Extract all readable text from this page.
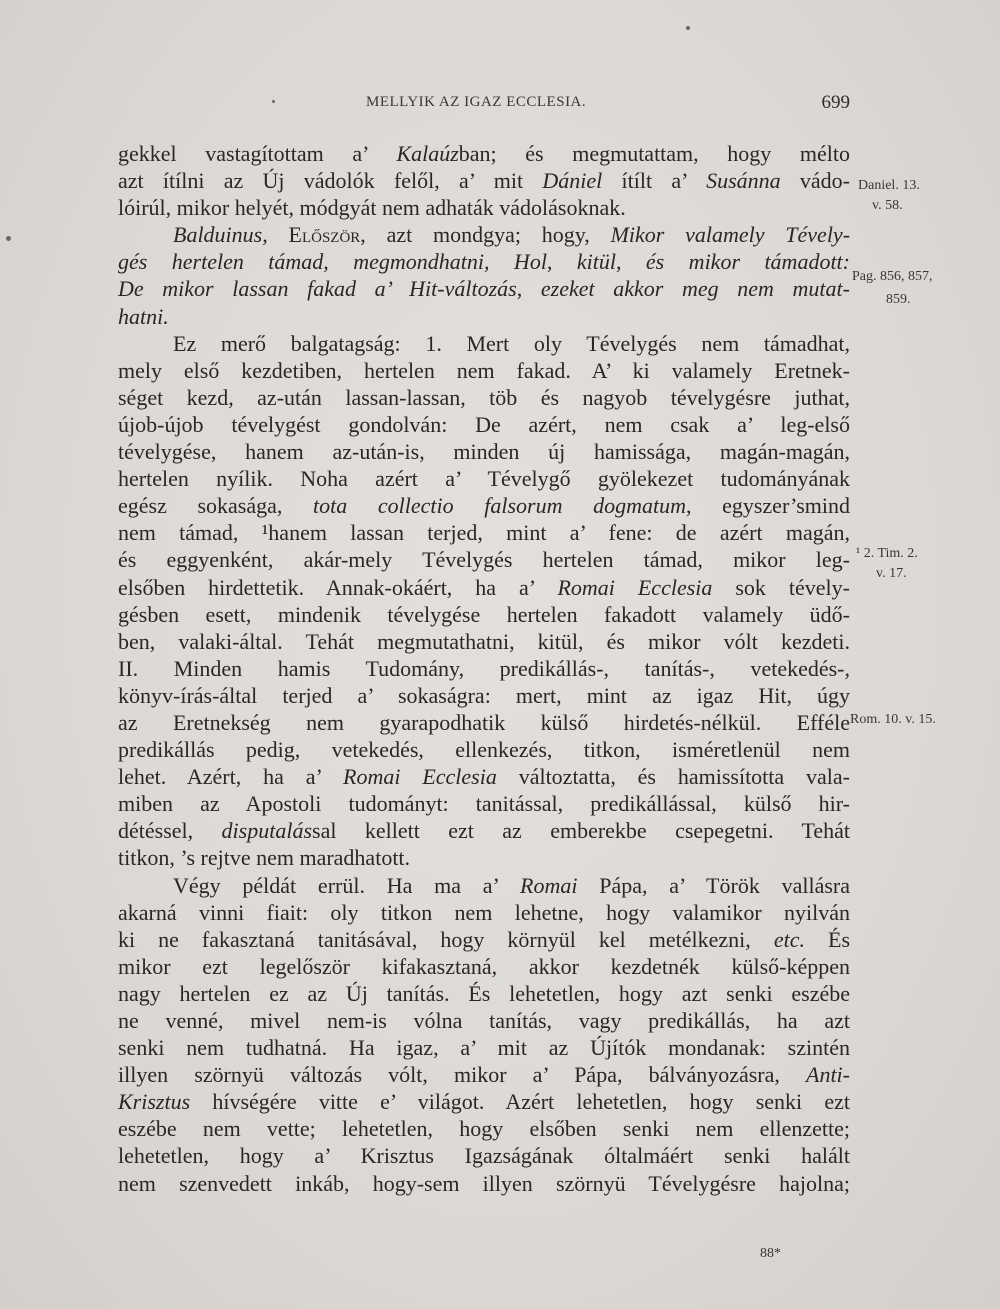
MELLYIK AZ IGAZ ECCLESIA.	699
gekkel vastagítottam a’ Kalaúzban; és megmutattam, hogy mélto
azt ítílni az Új vádolók felől, a’ mit Dániel ítílt a’ Susánna vádo-
lóirúl, mikor helyét, módgyát nem adhaták vádolásoknak.
Balduinus, Először, azt mondgya; hogy, Mikor valamely Tévely-
gés hertelen támad, megmondhatni, Hol, kitül, és mikor támadott:
De mikor lassan fakad a’ Hit-változás, ezeket akkor meg nem mutat-
hatni.
Ez merő balgatagság: 1. Mert oly Tévelygés nem támadhat,
mely első kezdetiben, hertelen nem fakad. A’ ki valamely Eretnek-
séget kezd, az-után lassan-lassan, töb és nagyob tévelygésre juthat,
újob-újob tévelygést gondolván: De azért, nem csak a’ leg-első
tévelygése, hanem az-után-is, minden új hamissága, magán-magán,
hertelen nyílik. Noha azért a’ Tévelygő gyölekezet tudományának
egész sokasága, tota collectio falsorum dogmatum, egyszer’smind
nem támad, ¹hanem lassan terjed, mint a’ fene: de azért magán,
és eggyenként, akár-mely Tévelygés hertelen támad, mikor leg-
elsőben hirdettetik. Annak-okáért, ha a’ Romai Ecclesia sok tévely-
gésben esett, mindenik tévelygése hertelen fakadott valamely üdő-
ben, valaki-által. Tehát megmutathatni, kitül, és mikor vólt kezdeti.
II. Minden hamis Tudomány, predikállás-, tanítás-, vetekedés-,
könyv-írás-által terjed a’ sokaságra: mert, mint az igaz Hit, úgy
az Eretnekség nem gyarapodhatik külső hirdetés-nélkül. Efféle
predikállás pedig, vetekedés, ellenkezés, titkon, isméretlenül nem
lehet. Azért, ha a’ Romai Ecclesia változtatta, és hamissította vala-
miben az Apostoli tudományt: tanitással, predikállással, külső hir-
détéssel, disputalással kellett ezt az emberekbe csepegetni. Tehát
titkon, ’s rejtve nem maradhatott.
Végy példát errül. Ha ma a’ Romai Pápa, a’ Török vallásra
akarná vinni fiait: oly titkon nem lehetne, hogy valamikor nyilván
ki ne fakasztaná tanitásával, hogy környül kel metélkezni, etc. És
mikor ezt legelőször kifakasztaná, akkor kezdetnék külső-képpen
nagy hertelen ez az Új tanítás. És lehetetlen, hogy azt senki eszébe
ne venné, mivel nem-is vólna tanítás, vagy predikállás, ha azt
senki nem tudhatná. Ha igaz, a’ mit az Újítók mondanak: szintén
illyen szörnyü változás vólt, mikor a’ Pápa, bálványozásra, Anti-
Krisztus hívségére vitte e’ világot. Azért lehetetlen, hogy senki ezt
eszébe nem vette; lehetetlen, hogy elsőben senki nem ellenzette;
lehetetlen, hogy a’ Krisztus Igazságának óltalmáért senki halált
nem szenvedett inkáb, hogy-sem illyen szörnyü Tévelygésre hajolna;
Daniel. 13.
v. 58.
Pag. 856, 857,
859.
¹ 2. Tim. 2.
v. 17.
Rom. 10. v. 15.
88*
